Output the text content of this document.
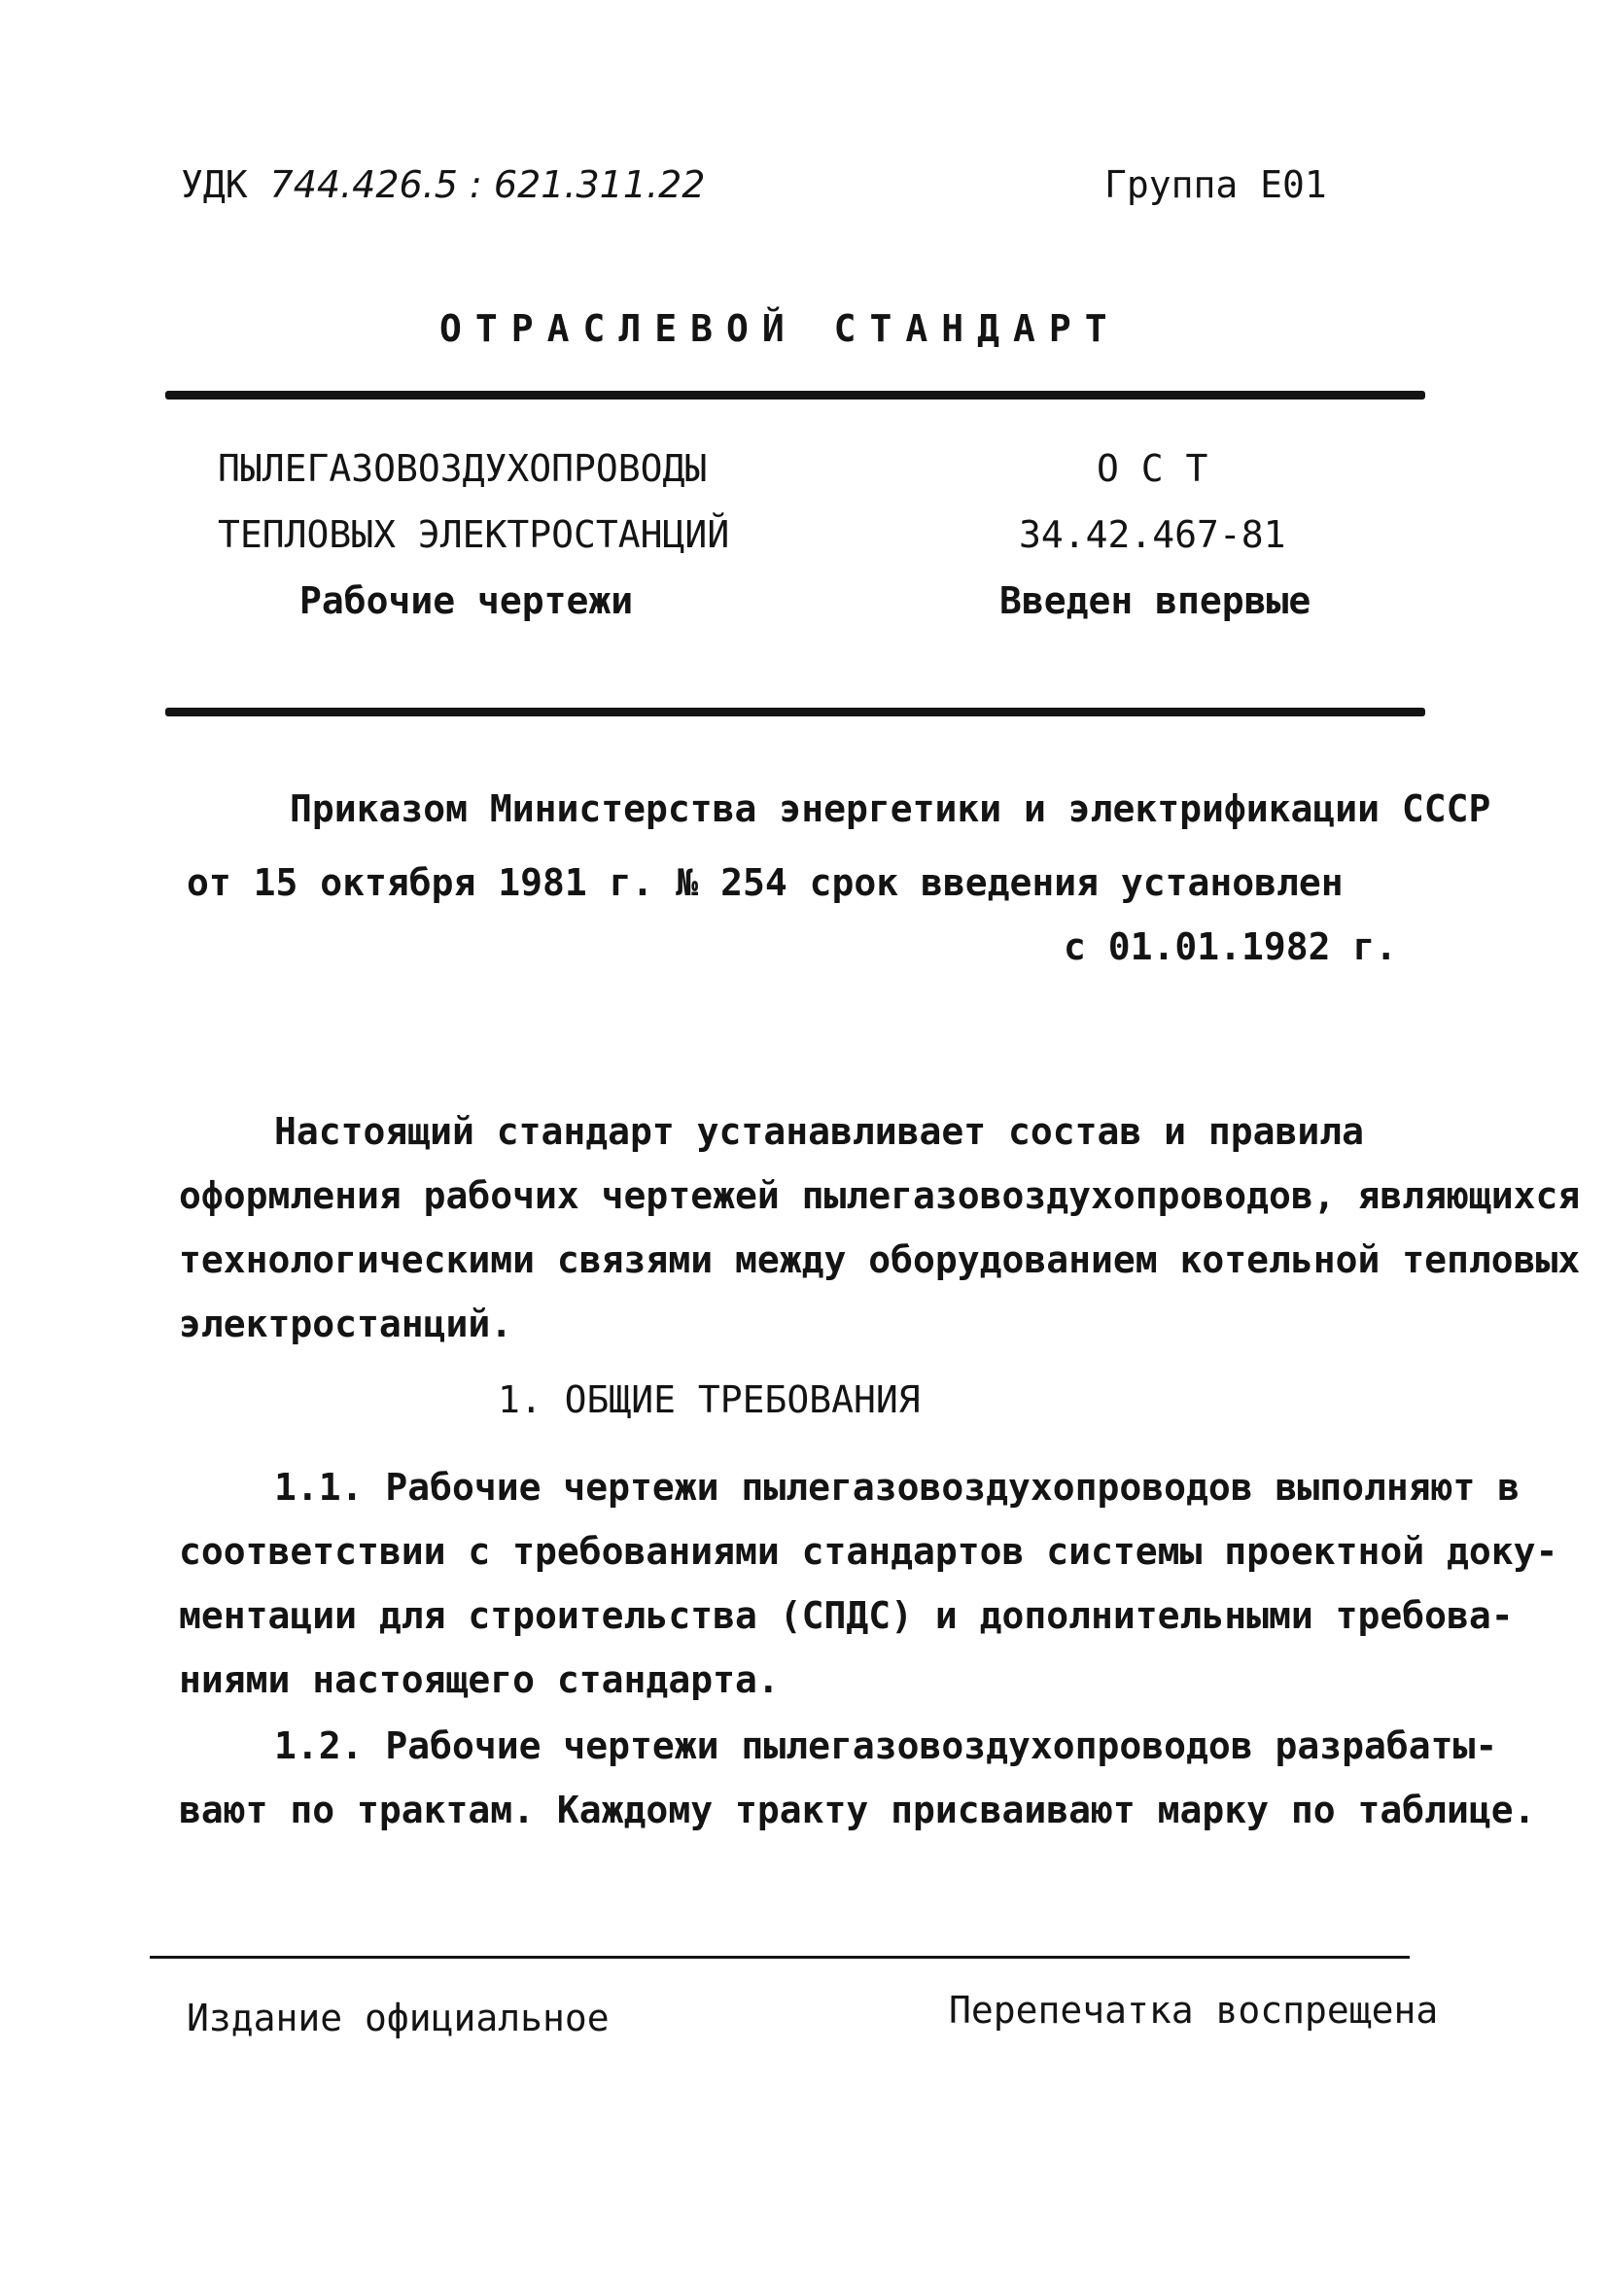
УДК 744.426.5 : 621.311.22	Группа Е01
ОТРАСЛЕВОЙ СТАНДАРТ
ПЫЛЕГАЗОВОЗДУХОПРОВОДЫ
ТЕПЛОВЫХ ЭЛЕКТРОСТАНЦИЙ
Рабочие чертежи
О С Т
34.42.467-81
Введен впервые
Приказом Министерства энергетики и электрификации СССР
от 15 октября 1981 г. № 254 срок введения установлен
с 01.01.1982 г.
Настоящий стандарт устанавливает состав и правила
оформления рабочих чертежей пылегазовоздухопроводов, являющихся
технологическими связями между оборудованием котельной тепловых
электростанций.
1. ОБЩИЕ ТРЕБОВАНИЯ
1.1. Рабочие чертежи пылегазовоздухопроводов выполняют в
соответствии с требованиями стандартов системы проектной доку-
ментации для строительства (СПДС) и дополнительными требова-
ниями настоящего стандарта.
1.2. Рабочие чертежи пылегазовоздухопроводов разрабаты-
вают по трактам. Каждому тракту присваивают марку по таблице.
Издание официальное	Перепечатка воспрещена
